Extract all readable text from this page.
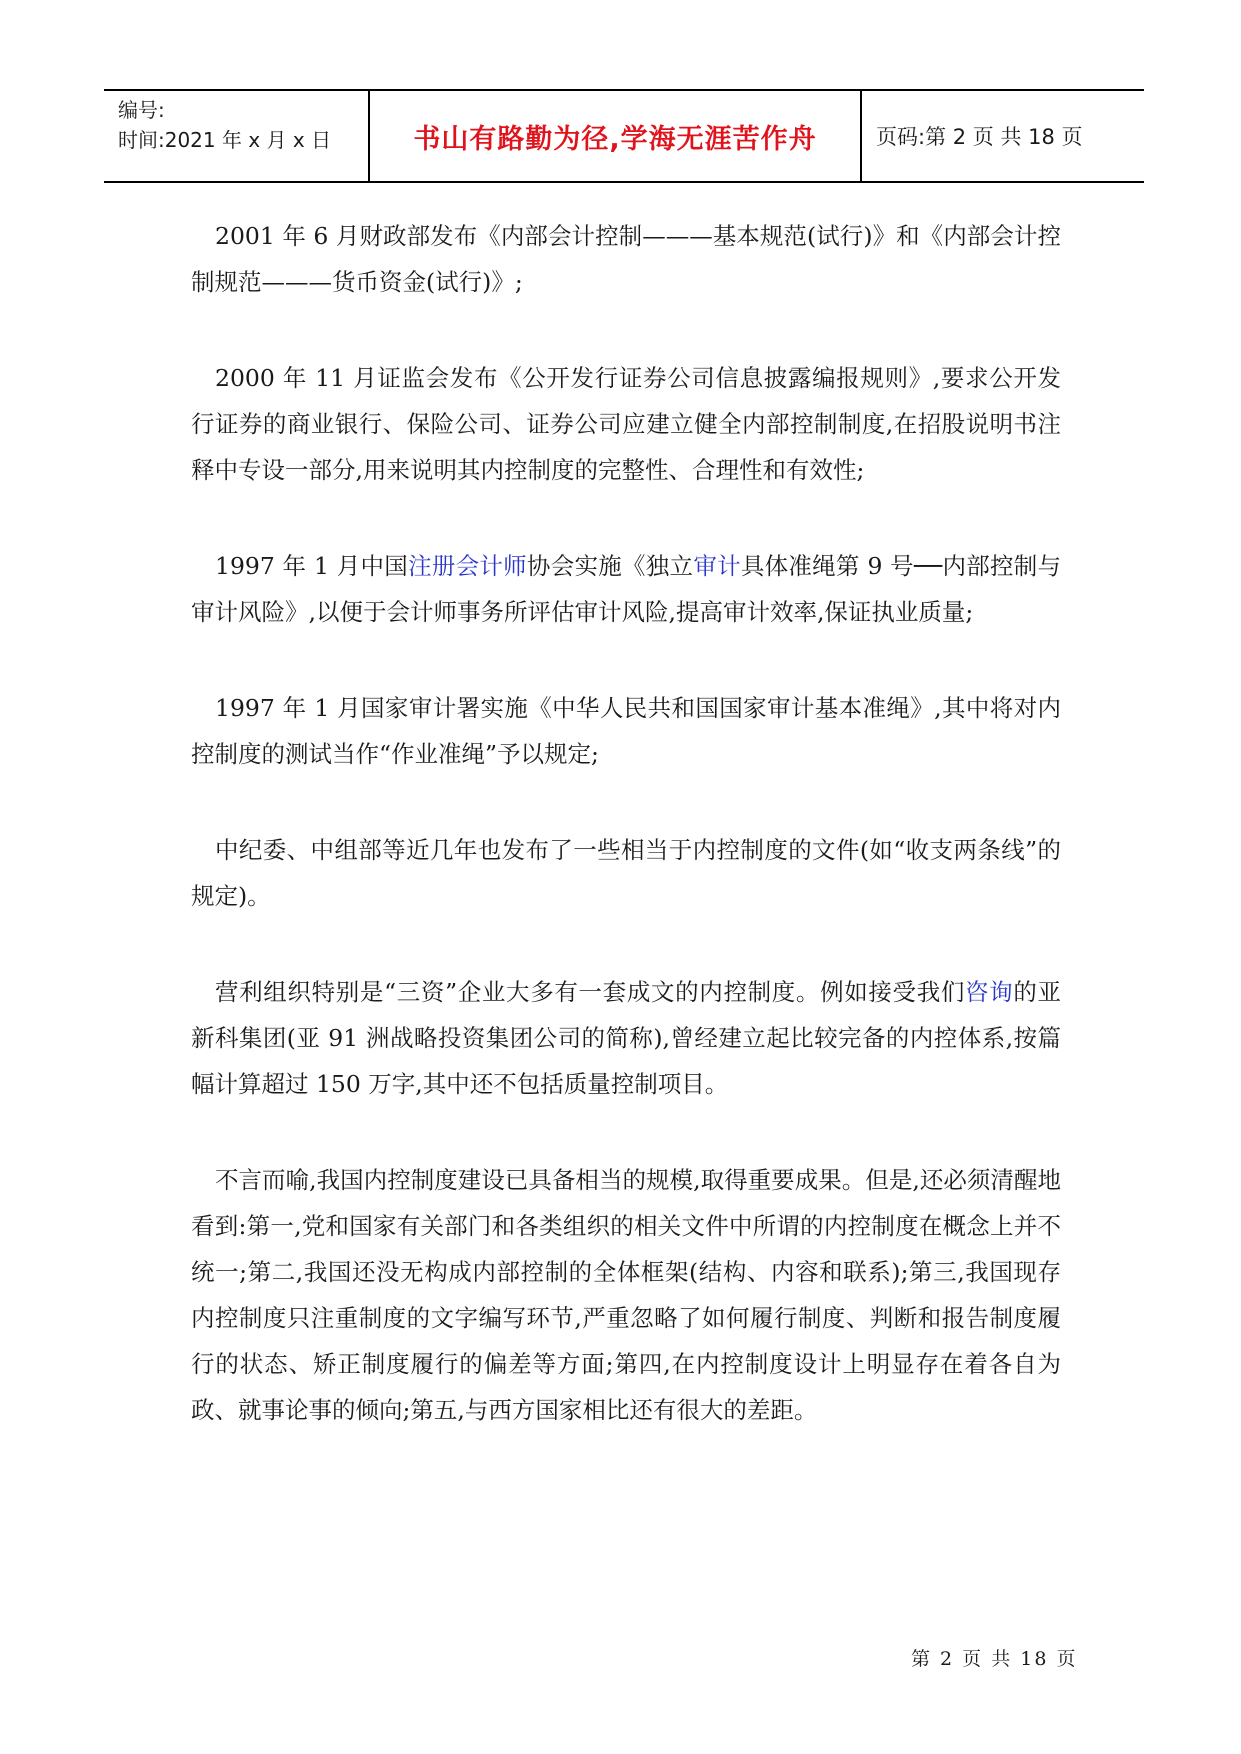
编号:
时间:2021 年 x 月 x 日	书山有路勤为径,学海无涯苦作舟	页码:第 2 页 共 18 页

2001 年 6 月财政部发布《内部会计控制———基本规范(试行)》和《内部会计控制规范———货币资金(试行)》;

2000 年 11 月证监会发布《公开发行证券公司信息披露编报规则》,要求公开发行证券的商业银行、保险公司、证券公司应建立健全内部控制制度,在招股说明书注释中专设一部分,用来说明其内控制度的完整性、合理性和有效性;

1997 年 1 月中国注册会计师协会实施《独立审计具体准绳第 9 号──内部控制与审计风险》,以便于会计师事务所评估审计风险,提高审计效率,保证执业质量;

1997 年 1 月国家审计署实施《中华人民共和国国家审计基本准绳》,其中将对内控制度的测试当作“作业准绳”予以规定;

中纪委、中组部等近几年也发布了一些相当于内控制度的文件(如“收支两条线”的规定)。

营利组织特别是“三资”企业大多有一套成文的内控制度。例如接受我们咨询的亚新科集团(亚 91 洲战略投资集团公司的简称),曾经建立起比较完备的内控体系,按篇幅计算超过 150 万字,其中还不包括质量控制项目。

不言而喻,我国内控制度建设已具备相当的规模,取得重要成果。但是,还必须清醒地看到:第一,党和国家有关部门和各类组织的相关文件中所谓的内控制度在概念上并不统一;第二,我国还没无构成内部控制的全体框架(结构、内容和联系);第三,我国现存内控制度只注重制度的文字编写环节,严重忽略了如何履行制度、判断和报告制度履行的状态、矫正制度履行的偏差等方面;第四,在内控制度设计上明显存在着各自为政、就事论事的倾向;第五,与西方国家相比还有很大的差距。

第 2 页 共 18 页
